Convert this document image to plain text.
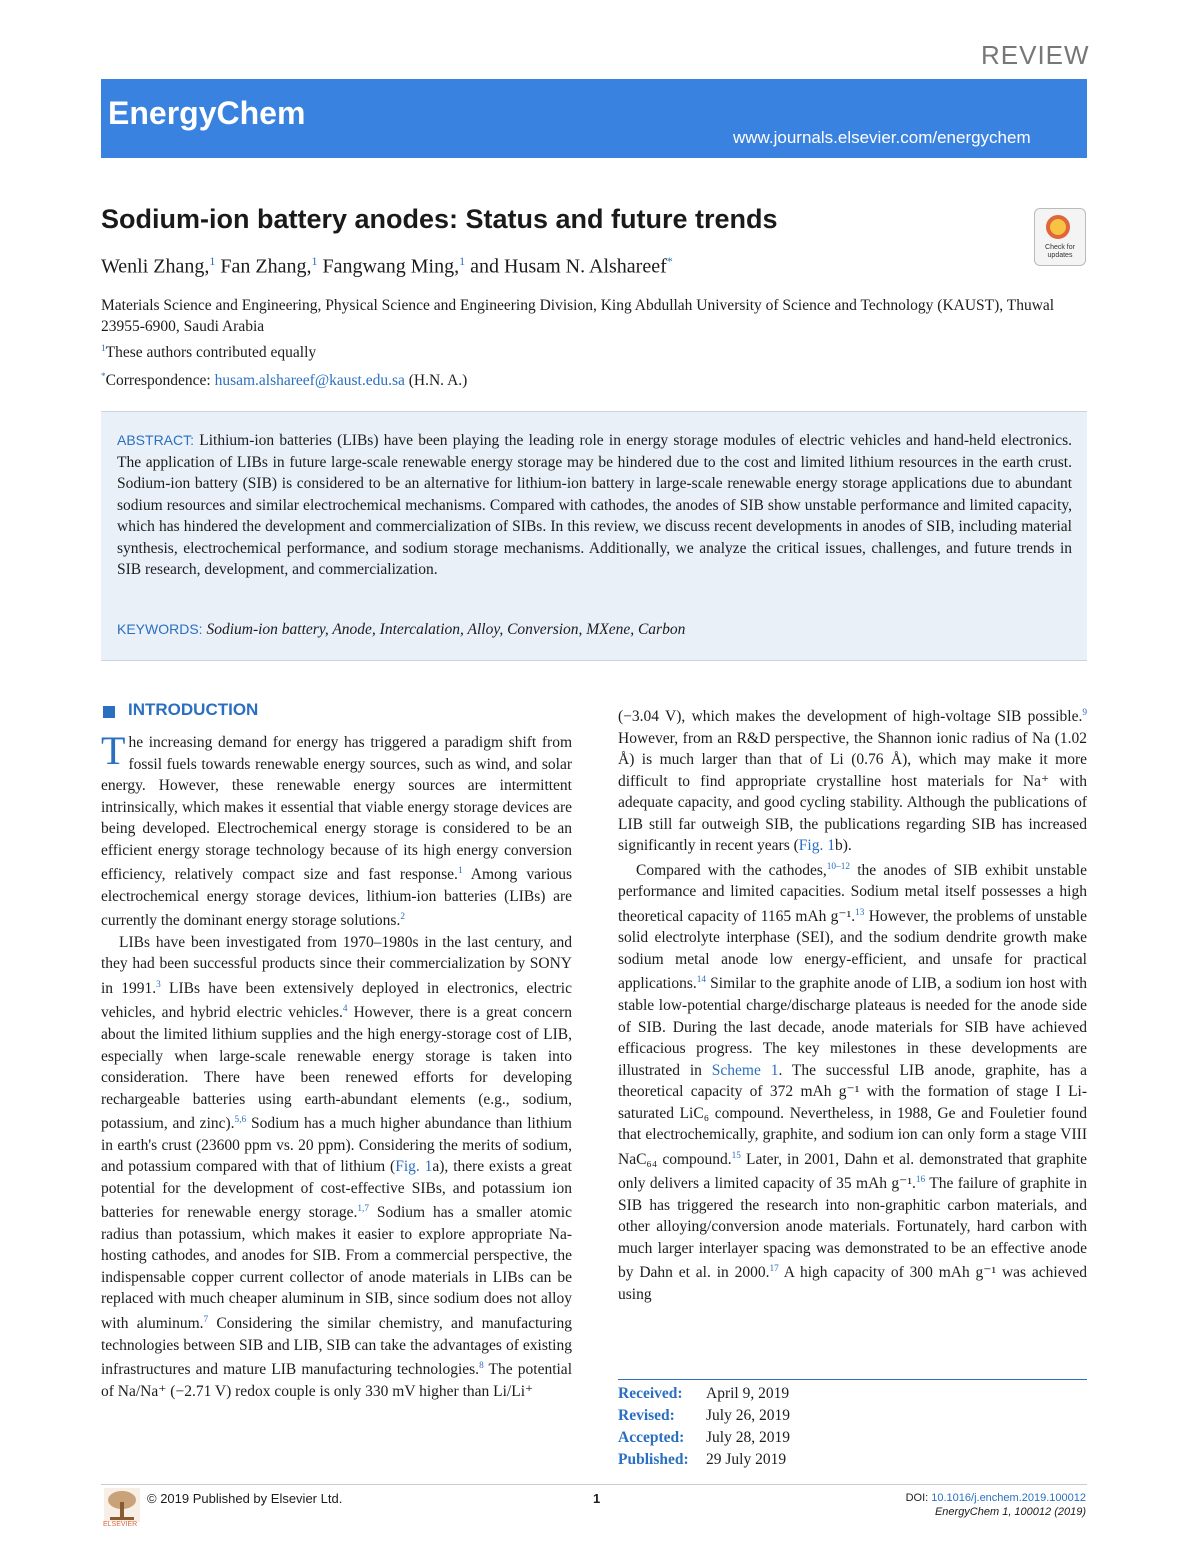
REVIEW
EnergyChem
www.journals.elsevier.com/energychem
Sodium-ion battery anodes: Status and future trends
Check for updates
Wenli Zhang,$^1$ Fan Zhang,$^1$ Fangwang Ming,$^1$ and Husam N. Alshareef*
Materials Science and Engineering, Physical Science and Engineering Division, King Abdullah University of Science and Technology (KAUST), Thuwal 23955-6900, Saudi Arabia
$^1$These authors contributed equally
*Correspondence: husam.alshareef@kaust.edu.sa (H.N. A.)
ABSTRACT: Lithium-ion batteries (LIBs) have been playing the leading role in energy storage modules of electric vehicles and hand-held electronics. The application of LIBs in future large-scale renewable energy storage may be hindered due to the cost and limited lithium resources in the earth crust. Sodium-ion battery (SIB) is considered to be an alternative for lithium-ion battery in large-scale renewable energy storage applications due to abundant sodium resources and similar electrochemical mechanisms. Compared with cathodes, the anodes of SIB show unstable performance and limited capacity, which has hindered the development and commercialization of SIBs. In this review, we discuss recent developments in anodes of SIB, including material synthesis, electrochemical performance, and sodium storage mechanisms. Additionally, we analyze the critical issues, challenges, and future trends in SIB research, development, and commercialization.
KEYWORDS: Sodium-ion battery, Anode, Intercalation, Alloy, Conversion, MXene, Carbon
INTRODUCTION

The increasing demand for energy has triggered a paradigm shift from fossil fuels towards renewable energy sources, such as wind, and solar energy. However, these renewable energy sources are intermittent intrinsically, which makes it essential that viable energy storage devices are being developed. Electrochemical energy storage is considered to be an efficient energy storage technology because of its high energy conversion efficiency, relatively compact size and fast response.$^1$ Among various electrochemical energy storage devices, lithium-ion batteries (LIBs) are currently the dominant energy storage solutions.$^2$

LIBs have been investigated from 1970–1980s in the last century, and they had been successful products since their commercialization by SONY in 1991.$^3$ LIBs have been extensively deployed in electronics, electric vehicles, and hybrid electric vehicles.$^4$ However, there is a great concern about the limited lithium supplies and the high energy-storage cost of LIB, especially when large-scale renewable energy storage is taken into consideration. There have been renewed efforts for developing rechargeable batteries using earth-abundant elements (e.g., sodium, potassium, and zinc).$^{5,6}$ Sodium has a much higher abundance than lithium in earth's crust (23600 ppm vs. 20 ppm). Considering the merits of sodium, and potassium compared with that of lithium (Fig. 1a), there exists a great potential for the development of cost-effective SIBs, and potassium ion batteries for renewable energy storage.$^{1,7}$ Sodium has a smaller atomic radius than potassium, which makes it easier to explore appropriate Na-hosting cathodes, and anodes for SIB. From a commercial perspective, the indispensable copper current collector of anode materials in LIBs can be replaced with much cheaper aluminum in SIB, since sodium does not alloy with aluminum.$^7$ Considering the similar chemistry, and manufacturing technologies between SIB and LIB, SIB can take the advantages of existing infrastructures and mature LIB manufacturing technologies.$^8$ The potential of Na/Na⁺ (−2.71 V) redox couple is only 330 mV higher than Li/Li⁺

(−3.04 V), which makes the development of high-voltage SIB possible.$^9$ However, from an R&D perspective, the Shannon ionic radius of Na (1.02 Å) is much larger than that of Li (0.76 Å), which may make it more difficult to find appropriate crystalline host materials for Na⁺ with adequate capacity, and good cycling stability. Although the publications of LIB still far outweigh SIB, the publications regarding SIB has increased significantly in recent years (Fig. 1b).

Compared with the cathodes,$^{10-12}$ the anodes of SIB exhibit unstable performance and limited capacities. Sodium metal itself possesses a high theoretical capacity of 1165 mAh g⁻¹.$^{13}$ However, the problems of unstable solid electrolyte interphase (SEI), and the sodium dendrite growth make sodium metal anode low energy-efficient, and unsafe for practical applications.$^{14}$ Similar to the graphite anode of LIB, a sodium ion host with stable low-potential charge/discharge plateaus is needed for the anode side of SIB. During the last decade, anode materials for SIB have achieved efficacious progress. The key milestones in these developments are illustrated in Scheme 1. The successful LIB anode, graphite, has a theoretical capacity of 372 mAh g⁻¹ with the formation of stage I Li-saturated LiC₆ compound. Nevertheless, in 1988, Ge and Fouletier found that electrochemically, graphite, and sodium ion can only form a stage VIII NaC₆₄ compound.$^{15}$ Later, in 2001, Dahn et al. demonstrated that graphite only delivers a limited capacity of 35 mAh g⁻¹.$^{16}$ The failure of graphite in SIB has triggered the research into non-graphitic carbon materials, and other alloying/conversion anode materials. Fortunately, hard carbon with much larger interlayer spacing was demonstrated to be an effective anode by Dahn et al. in 2000.17 A high capacity of 300 mAh g⁻¹ was achieved using

Received: April 9, 2019
Revised: July 26, 2019
Accepted: July 28, 2019
Published: 29 July 2019
ELSEVIER
© 2019 Published by Elsevier Ltd.	1	DOI: 10.1016/j.enchem.2019.100012
EnergyChem 1, 100012 (2019)
